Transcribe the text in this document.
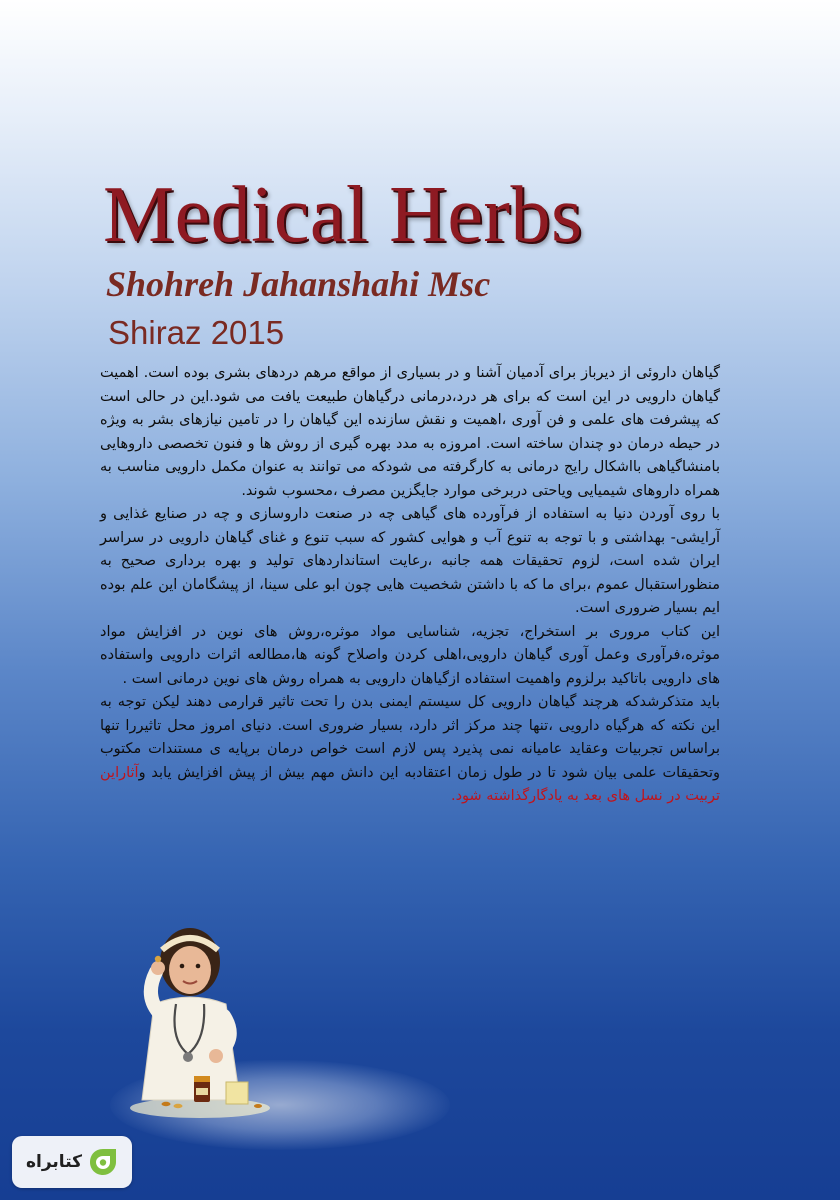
Medical Herbs
Shohreh Jahanshahi Msc
Shiraz 2015

گیاهان داروئی از دیرباز برای آدمیان آشنا و در بسیاری از مواقع مرهم دردهای بشری بوده است. اهمیت گیاهان دارویی در این است که برای هر درد،درمانی درگیاهان طبیعت یافت می شود.این در حالی است که پیشرفت های علمی و فن آوری ،اهمیت و نقش سازنده این گیاهان را در تامین نیازهای بشر به ویژه در حیطه درمان دو چندان ساخته است. امروزه به مدد بهره گیری از روش ها و فنون تخصصی داروهایی بامنشاگیاهی بااشکال رایج درمانی به کارگرفته می شودکه می توانند به عنوان مکمل دارویی مناسب به همراه داروهای شیمیایی ویاحتی دربرخی موارد جایگزین مصرف ،محسوب شوند.

با روی آوردن دنیا به استفاده از فرآورده های گیاهی چه در صنعت داروسازی و چه در صنایع غذایی و آرایشی- بهداشتی و با توجه به تنوع آب و هوایی کشور که سبب تنوع و غنای گیاهان دارویی در سراسر ایران شده است، لزوم تحقیقات همه جانبه ،رعایت استانداردهای تولید و بهره برداری صحیح به منظوراستقبال عموم ،برای ما که با داشتن شخصیت هایی چون ابو علی سینا، از پیشگامان این علم بوده ایم بسیار ضروری است.

این کتاب مروری بر استخراج، تجزیه، شناسایی مواد موثره،روش های نوین در افزایش مواد موثره،فرآوری وعمل آوری گیاهان دارویی،اهلی کردن واصلاح گونه ها،مطالعه اثرات دارویی واستفاده های دارویی باتاکید برلزوم واهمیت استفاده ازگیاهان دارویی به همراه روش های نوین درمانی است .

باید متذکرشدکه هرچند گیاهان دارویی کل سیستم ایمنی بدن را تحت تاثیر قرارمی دهند لیکن توجه به این نکته که هرگیاه دارویی ،تنها چند مرکز اثر دارد، بسیار ضروری است. دنیای امروز محل تاثیررا تنها براساس تجربیات وعقاید عامیانه نمی پذیرد پس لازم است خواص درمان برپایه ی مستندات مکتوب وتحقیقات علمی بیان شود تا در طول زمان اعتقادبه این دانش مهم بیش از پیش افزایش یابد وآثاراین تربیت در نسل های بعد به یادگارگذاشته شود.

کتابراه
